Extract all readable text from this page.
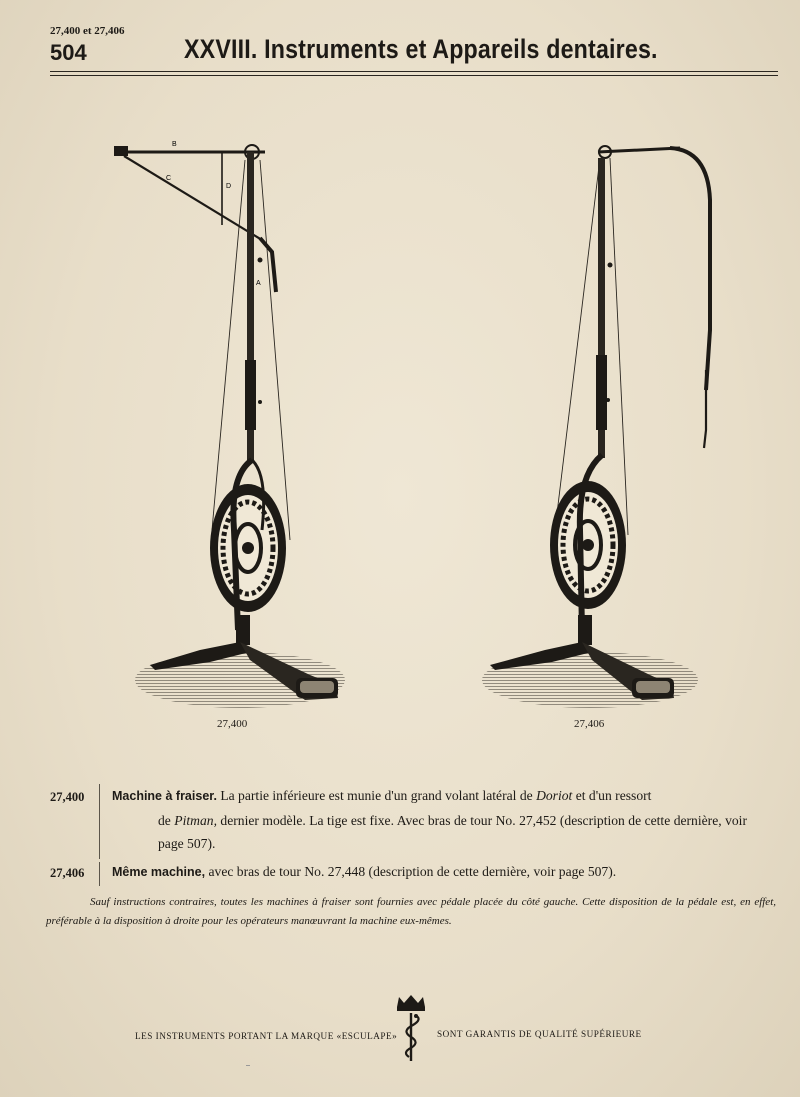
27,400 et 27,406
504	XXVIII. Instruments et Appareils dentaires.
B
C
D
A
27,400	27,406
27,400 Machine à fraiser. La partie inférieure est munie d'un grand volant latéral de Doriot et d'un ressort
de Pitman, dernier modèle. La tige est fixe. Avec bras de tour No. 27,452 (description de cette dernière, voir page 507).
27,406 Même machine, avec bras de tour No. 27,448 (description de cette dernière, voir page 507).
Sauf instructions contraires, toutes les machines à fraiser sont fournies avec pédale placée du côté gauche. Cette disposition de la pédale est, en effet, préférable à la disposition à droite pour les opérateurs manœuvrant la machine eux-mêmes.
LES INSTRUMENTS PORTANT LA MARQUE «ESCULAPE»	SONT GARANTIS DE QUALITÉ SUPÉRIEURE
